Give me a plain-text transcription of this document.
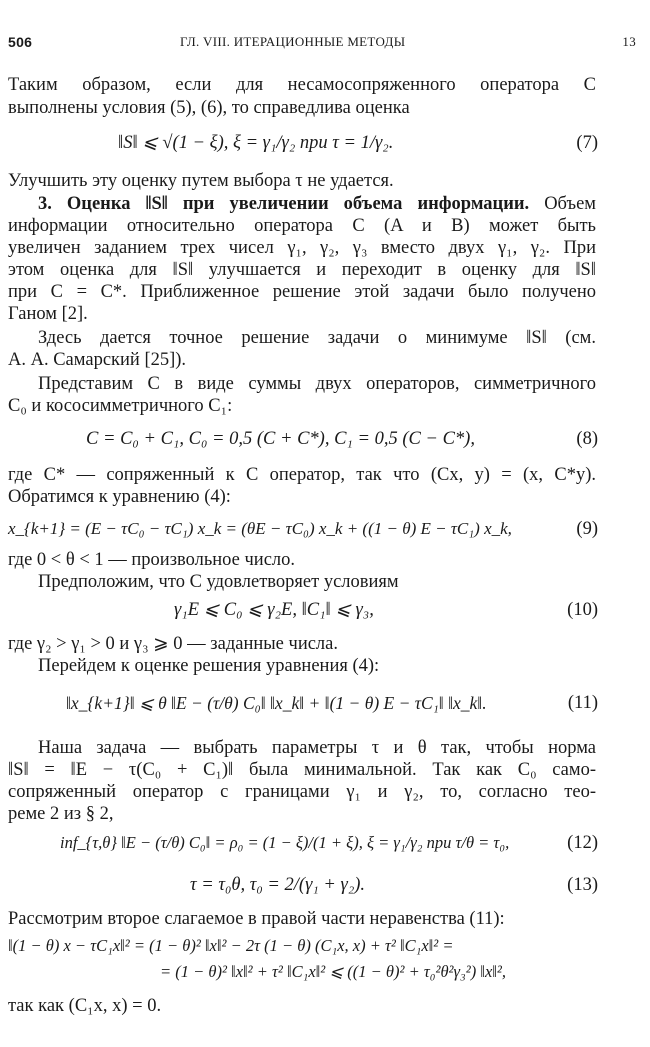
506	ГЛ. VIII. ИТЕРАЦИОННЫЕ МЕТОДЫ	13
Таким образом, если для несамосопряженного оператора C
выполнены условия (5), (6), то справедлива оценка
‖S‖ ⩽ √(1 − ξ), ξ = γ₁/γ₂ при τ = 1/γ₂.	(7)
Улучшить эту оценку путем выбора τ не удается.
3. Оценка ‖S‖ при увеличении объема информации. Объем
информации относительно оператора C (A и B) может быть
увеличен заданием трех чисел γ₁, γ₂, γ₃ вместо двух γ₁, γ₂. При
этом оценка для ‖S‖ улучшается и переходит в оценку для ‖S‖
при C = C*. Приближенное решение этой задачи было получено
Ганом [2].
Здесь дается точное решение задачи о минимуме ‖S‖ (см.
А. А. Самарский [25]).
Представим C в виде суммы двух операторов, симметричного
C₀ и кососимметричного C₁:
C = C₀ + C₁, C₀ = 0,5 (C + C*), C₁ = 0,5 (C − C*),	(8)
где C* — сопряженный к C оператор, так что (Cx, y) = (x, C*y).
Обратимся к уравнению (4):
x_{k+1} = (E − τC₀ − τC₁) x_k = (θE − τC₀) x_k + ((1 − θ) E − τC₁) x_k,	(9)
где 0 < θ < 1 — произвольное число.
Предположим, что C удовлетворяет условиям
γ₁E ⩽ C₀ ⩽ γ₂E, ‖C₁‖ ⩽ γ₃,	(10)
где γ₂ > γ₁ > 0 и γ₃ ⩾ 0 — заданные числа.
Перейдем к оценке решения уравнения (4):
‖x_{k+1}‖ ⩽ θ ‖E − (τ/θ) C₀‖ ‖x_k‖ + ‖(1 − θ) E − τC₁‖ ‖x_k‖.	(11)
Наша задача — выбрать параметры τ и θ так, чтобы норма
‖S‖ = ‖E − τ(C₀ + C₁)‖ была минимальной. Так как C₀ само-
сопряженный оператор с границами γ₁ и γ₂, то, согласно тео-
реме 2 из § 2,
inf_{τ,θ} ‖E − (τ/θ) C₀‖ = ρ₀ = (1 − ξ)/(1 + ξ), ξ = γ₁/γ₂ при τ/θ = τ₀,	(12)
τ = τ₀θ, τ₀ = 2/(γ₁ + γ₂).	(13)
Рассмотрим второе слагаемое в правой части неравенства (11):
‖(1 − θ) x − τC₁x‖² = (1 − θ)² ‖x‖² − 2τ (1 − θ) (C₁x, x) + τ² ‖C₁x‖² =
= (1 − θ)² ‖x‖² + τ² ‖C₁x‖² ⩽ ((1 − θ)² + τ₀²θ²γ₃²) ‖x‖²,
так как (C₁x, x) = 0.
